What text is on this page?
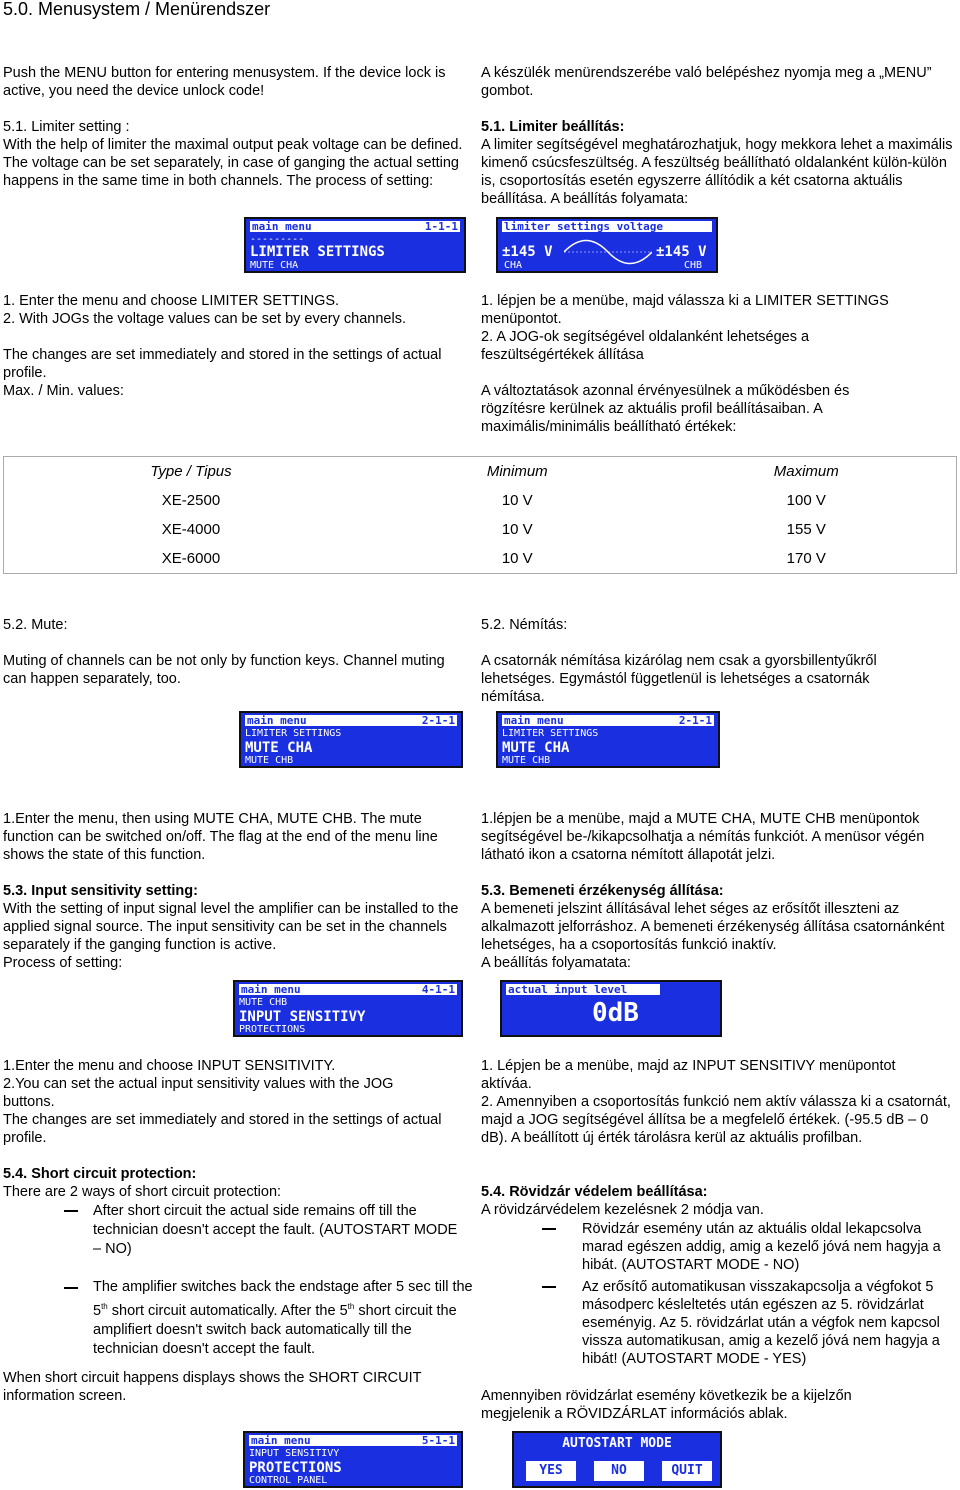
5.0. Menusystem / Menürendszer
Push the MENU button for entering menusystem. If the device lock is active, you need the device unlock code!
A készülék menürendszerébe való belépéshez nyomja meg a „MENU” gombot.
5.1. Limiter setting :
With the help of limiter the maximal output peak voltage can be defined. The voltage can be set separately, in case of ganging the actual setting happens in the same time in both channels. The process of setting:
5.1. Limiter beállítás:
A limiter segítségével meghatározhatjuk, hogy mekkora lehet a maximális kimenő csúcsfeszültség. A feszültség beállítható oldalanként külön-külön is, csoportosítás esetén egyszerre állítódik a két csatorna aktuális beállítása. A beállítás folyamata:
main menu	1-1-1
---------
LIMITER SETTINGS
MUTE CHA
limiter settings voltage
±145 V
CHA
±145 V
CHB
1. Enter the menu and choose LIMITER SETTINGS.
2. With JOGs the voltage values can be set by every channels.
The changes are set immediately and stored in the settings of actual profile.
Max. / Min. values:
1. lépjen be a menübe, majd válassza ki a LIMITER SETTINGS menüpontot.
2. A JOG-ok segítségével oldalanként lehetséges a feszültségértékek állítása
A változtatások azonnal érvényesülnek a működésben és rögzítésre kerülnek az aktuális profil beállításaiban. A maximális/minimális beállítható értékek:
Type / Tipus	Minimum	Maximum
XE-2500	10 V	100 V
XE-4000	10 V	155 V
XE-6000	10 V	170 V
5.2. Mute:
Muting of channels can be not only by function keys. Channel muting can happen separately, too.
5.2. Némítás:
A csatornák némítása kizárólag nem csak a gyorsbillentyűkről lehetséges. Egymástól függetlenül is lehetséges a csatornák némítása.
main menu	2-1-1
LIMITER SETTINGS
MUTE CHA
MUTE CHB
main menu	2-1-1
LIMITER SETTINGS
MUTE CHA
MUTE CHB
1.Enter the menu, then using MUTE CHA, MUTE CHB. The mute function can be switched on/off. The flag at the end of the menu line shows the state of this function.
1.lépjen be a menübe, majd a MUTE CHA, MUTE CHB menüpontok segítségével be-/kikapcsolhatja a némítás funkciót. A menüsor végén látható ikon a csatorna némított állapotát jelzi.
5.3. Input sensitivity setting:
With the setting of input signal level the amplifier can be installed to the applied signal source. The input sensitivity can be set in the channels separately if the ganging function is active.
Process of setting:
5.3. Bemeneti érzékenység állítása:
A bemeneti jelszint állításával lehet séges az erősítőt illeszteni az alkalmazott jelforráshoz. A bemeneti érzékenység állítása csatornánként lehetséges, ha a csoportosítás funkció inaktív.
A beállítás folyamatata:
main menu	4-1-1
MUTE CHB
INPUT SENSITIVY
PROTECTIONS
actual input level
0dB
1.Enter the menu and choose INPUT SENSITIVITY.
2.You can set the actual input sensitivity values with the JOG buttons.
The changes are set immediately and stored in the settings of actual profile.
1. Lépjen be a menübe, majd az INPUT SENSITIVY menüpontot aktíváa.
2. Amennyiben a csoportosítás funkció nem aktív válassza ki a csatornát, majd a JOG segítségével állítsa be a megfelelő értékek. (-95.5 dB – 0 dB). A beállított új érték tárolásra kerül az aktuális profilban.
5.4. Short circuit protection:
There are 2 ways of short circuit protection:
After short circuit the actual side remains off till the technician doesn't accept the fault. (AUTOSTART MODE – NO)
The amplifier switches back the endstage after 5 sec till the 5th short circuit automatically. After the 5th short circuit the amplifiert doesn't switch back automatically till the technician doesn't accept the fault.
When short circuit happens displays shows the SHORT CIRCUIT information screen.
5.4. Rövidzár védelem beállítása:
A rövidzárvédelem kezelésnek 2 módja van.
Rövidzár esemény után az aktuális oldal lekapcsolva marad egészen addig, amig a kezelő jóvá nem hagyja a hibát. (AUTOSTART MODE - NO)
Az erősítő automatikusan visszakapcsolja a végfokot 5 másodperc késleltetés után egészen az 5. rövidzárlat eseményig. Az 5. rövidzárlat után a végfok nem kapcsol vissza automatikusan, amig a kezelő jóvá nem hagyja a hibát! (AUTOSTART MODE - YES)
Amennyiben rövidzárlat esemény következik be a kijelzőn megjelenik a RÖVIDZÁRLAT információs ablak.
main menu	5-1-1
INPUT SENSITIVY
PROTECTIONS
CONTROL PANEL
AUTOSTART MODE
YES	NO	QUIT
